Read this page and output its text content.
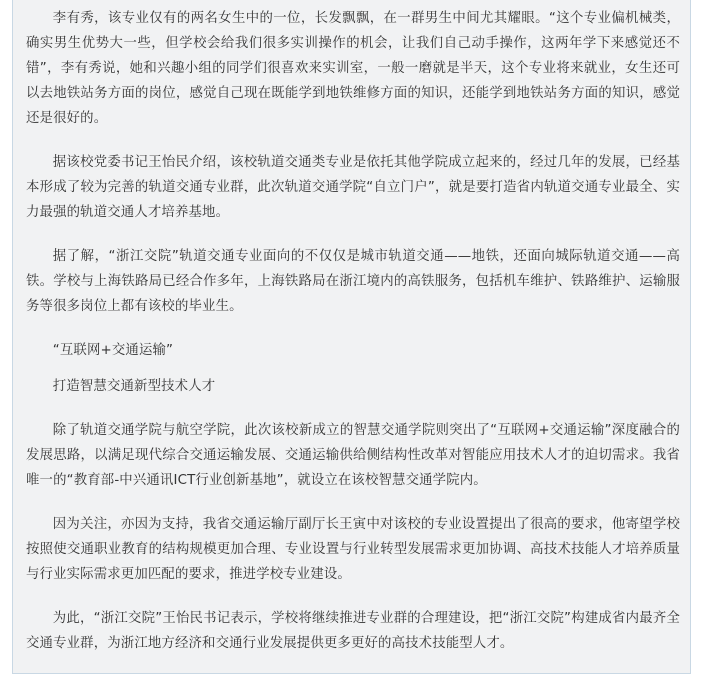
李有秀，该专业仅有的两名女生中的一位，长发飘飘，在一群男生中间尤其耀眼。“这个专业偏机械类，确实男生优势大一些，但学校会给我们很多实训操作的机会，让我们自己动手操作，这两年学下来感觉还不错”，李有秀说，她和兴趣小组的同学们很喜欢来实训室，一般一磨就是半天，这个专业将来就业，女生还可以去地铁站务方面的岗位，感觉自己现在既能学到地铁维修方面的知识，还能学到地铁站务方面的知识，感觉还是很好的。

据该校党委书记王怡民介绍，该校轨道交通类专业是依托其他学院成立起来的，经过几年的发展，已经基本形成了较为完善的轨道交通专业群，此次轨道交通学院“自立门户”，就是要打造省内轨道交通专业最全、实力最强的轨道交通人才培养基地。

据了解，“浙江交院”轨道交通专业面向的不仅仅是城市轨道交通——地铁，还面向城际轨道交通——高铁。学校与上海铁路局已经合作多年，上海铁路局在浙江境内的高铁服务，包括机车维护、铁路维护、运输服务等很多岗位上都有该校的毕业生。

“互联网+交通运输”

打造智慧交通新型技术人才

除了轨道交通学院与航空学院，此次该校新成立的智慧交通学院则突出了“互联网+交通运输”深度融合的发展思路，以满足现代综合交通运输发展、交通运输供给侧结构性改革对智能应用技术人才的迫切需求。我省唯一的“教育部-中兴通讯ICT行业创新基地”，就设立在该校智慧交通学院内。

因为关注，亦因为支持，我省交通运输厅副厅长王寅中对该校的专业设置提出了很高的要求，他寄望学校按照使交通职业教育的结构规模更加合理、专业设置与行业转型发展需求更加协调、高技术技能人才培养质量与行业实际需求更加匹配的要求，推进学校专业建设。

为此，“浙江交院”王怡民书记表示，学校将继续推进专业群的合理建设，把“浙江交院”构建成省内最齐全交通专业群，为浙江地方经济和交通行业发展提供更多更好的高技术技能型人才。
